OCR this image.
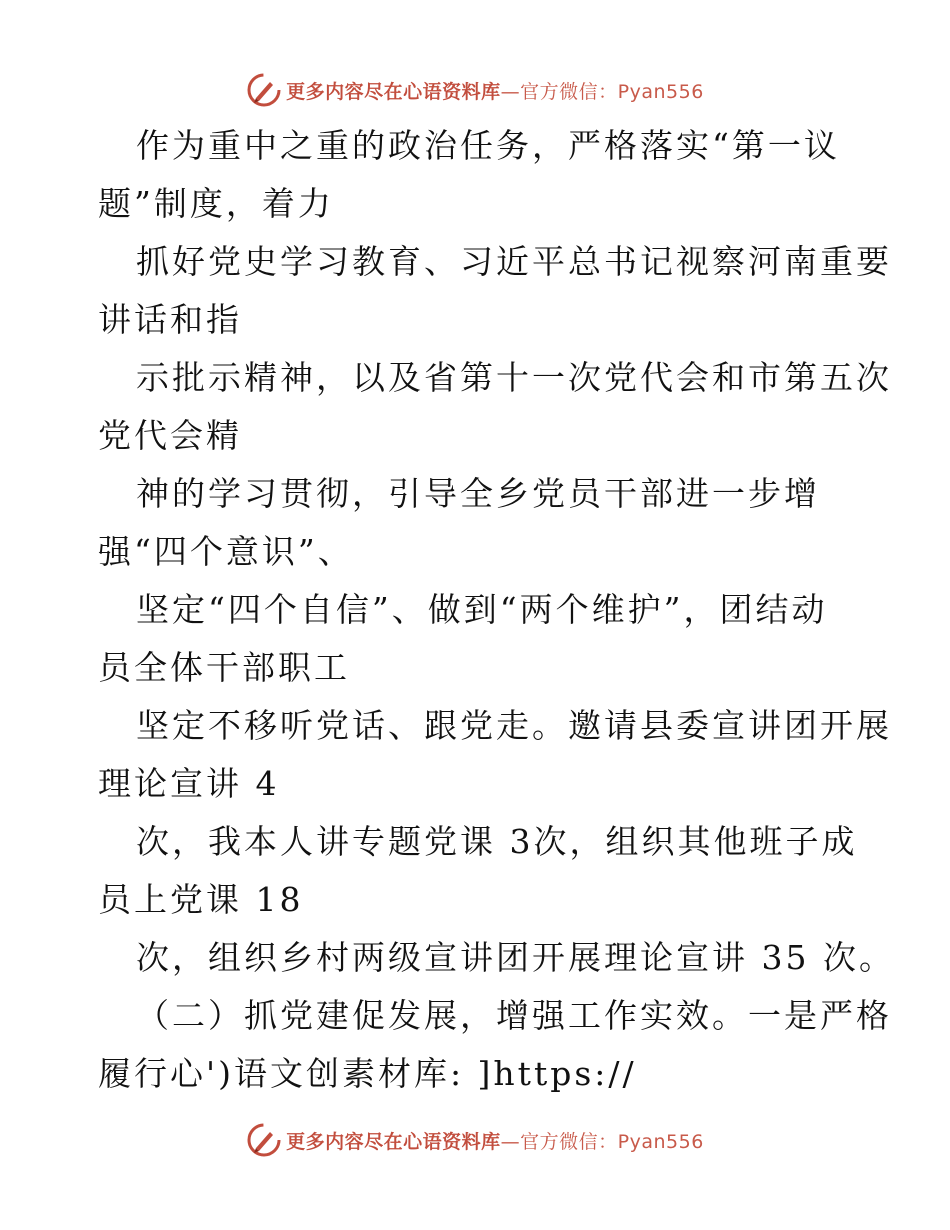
更多内容尽在心语资料库—官方微信：Pyan556
作为重中之重的政治任务，严格落实“第一议
题”制度，着力
抓好党史学习教育、习近平总书记视察河南重要
讲话和指
示批示精神，以及省第十一次党代会和市第五次
党代会精
神的学习贯彻，引导全乡党员干部进一步增
强“四个意识”、
坚定“四个自信”、做到“两个维护”，团结动
员全体干部职工
坚定不移听党话、跟党走。邀请县委宣讲团开展
理论宣讲 4
次，我本人讲专题党课 3次，组织其他班子成
员上党课 18
次，组织乡村两级宣讲团开展理论宣讲 35 次。
（二）抓党建促发展，增强工作实效。一是严格
履行心')语文创素材库: ]https://
更多内容尽在心语资料库—官方微信：Pyan556
